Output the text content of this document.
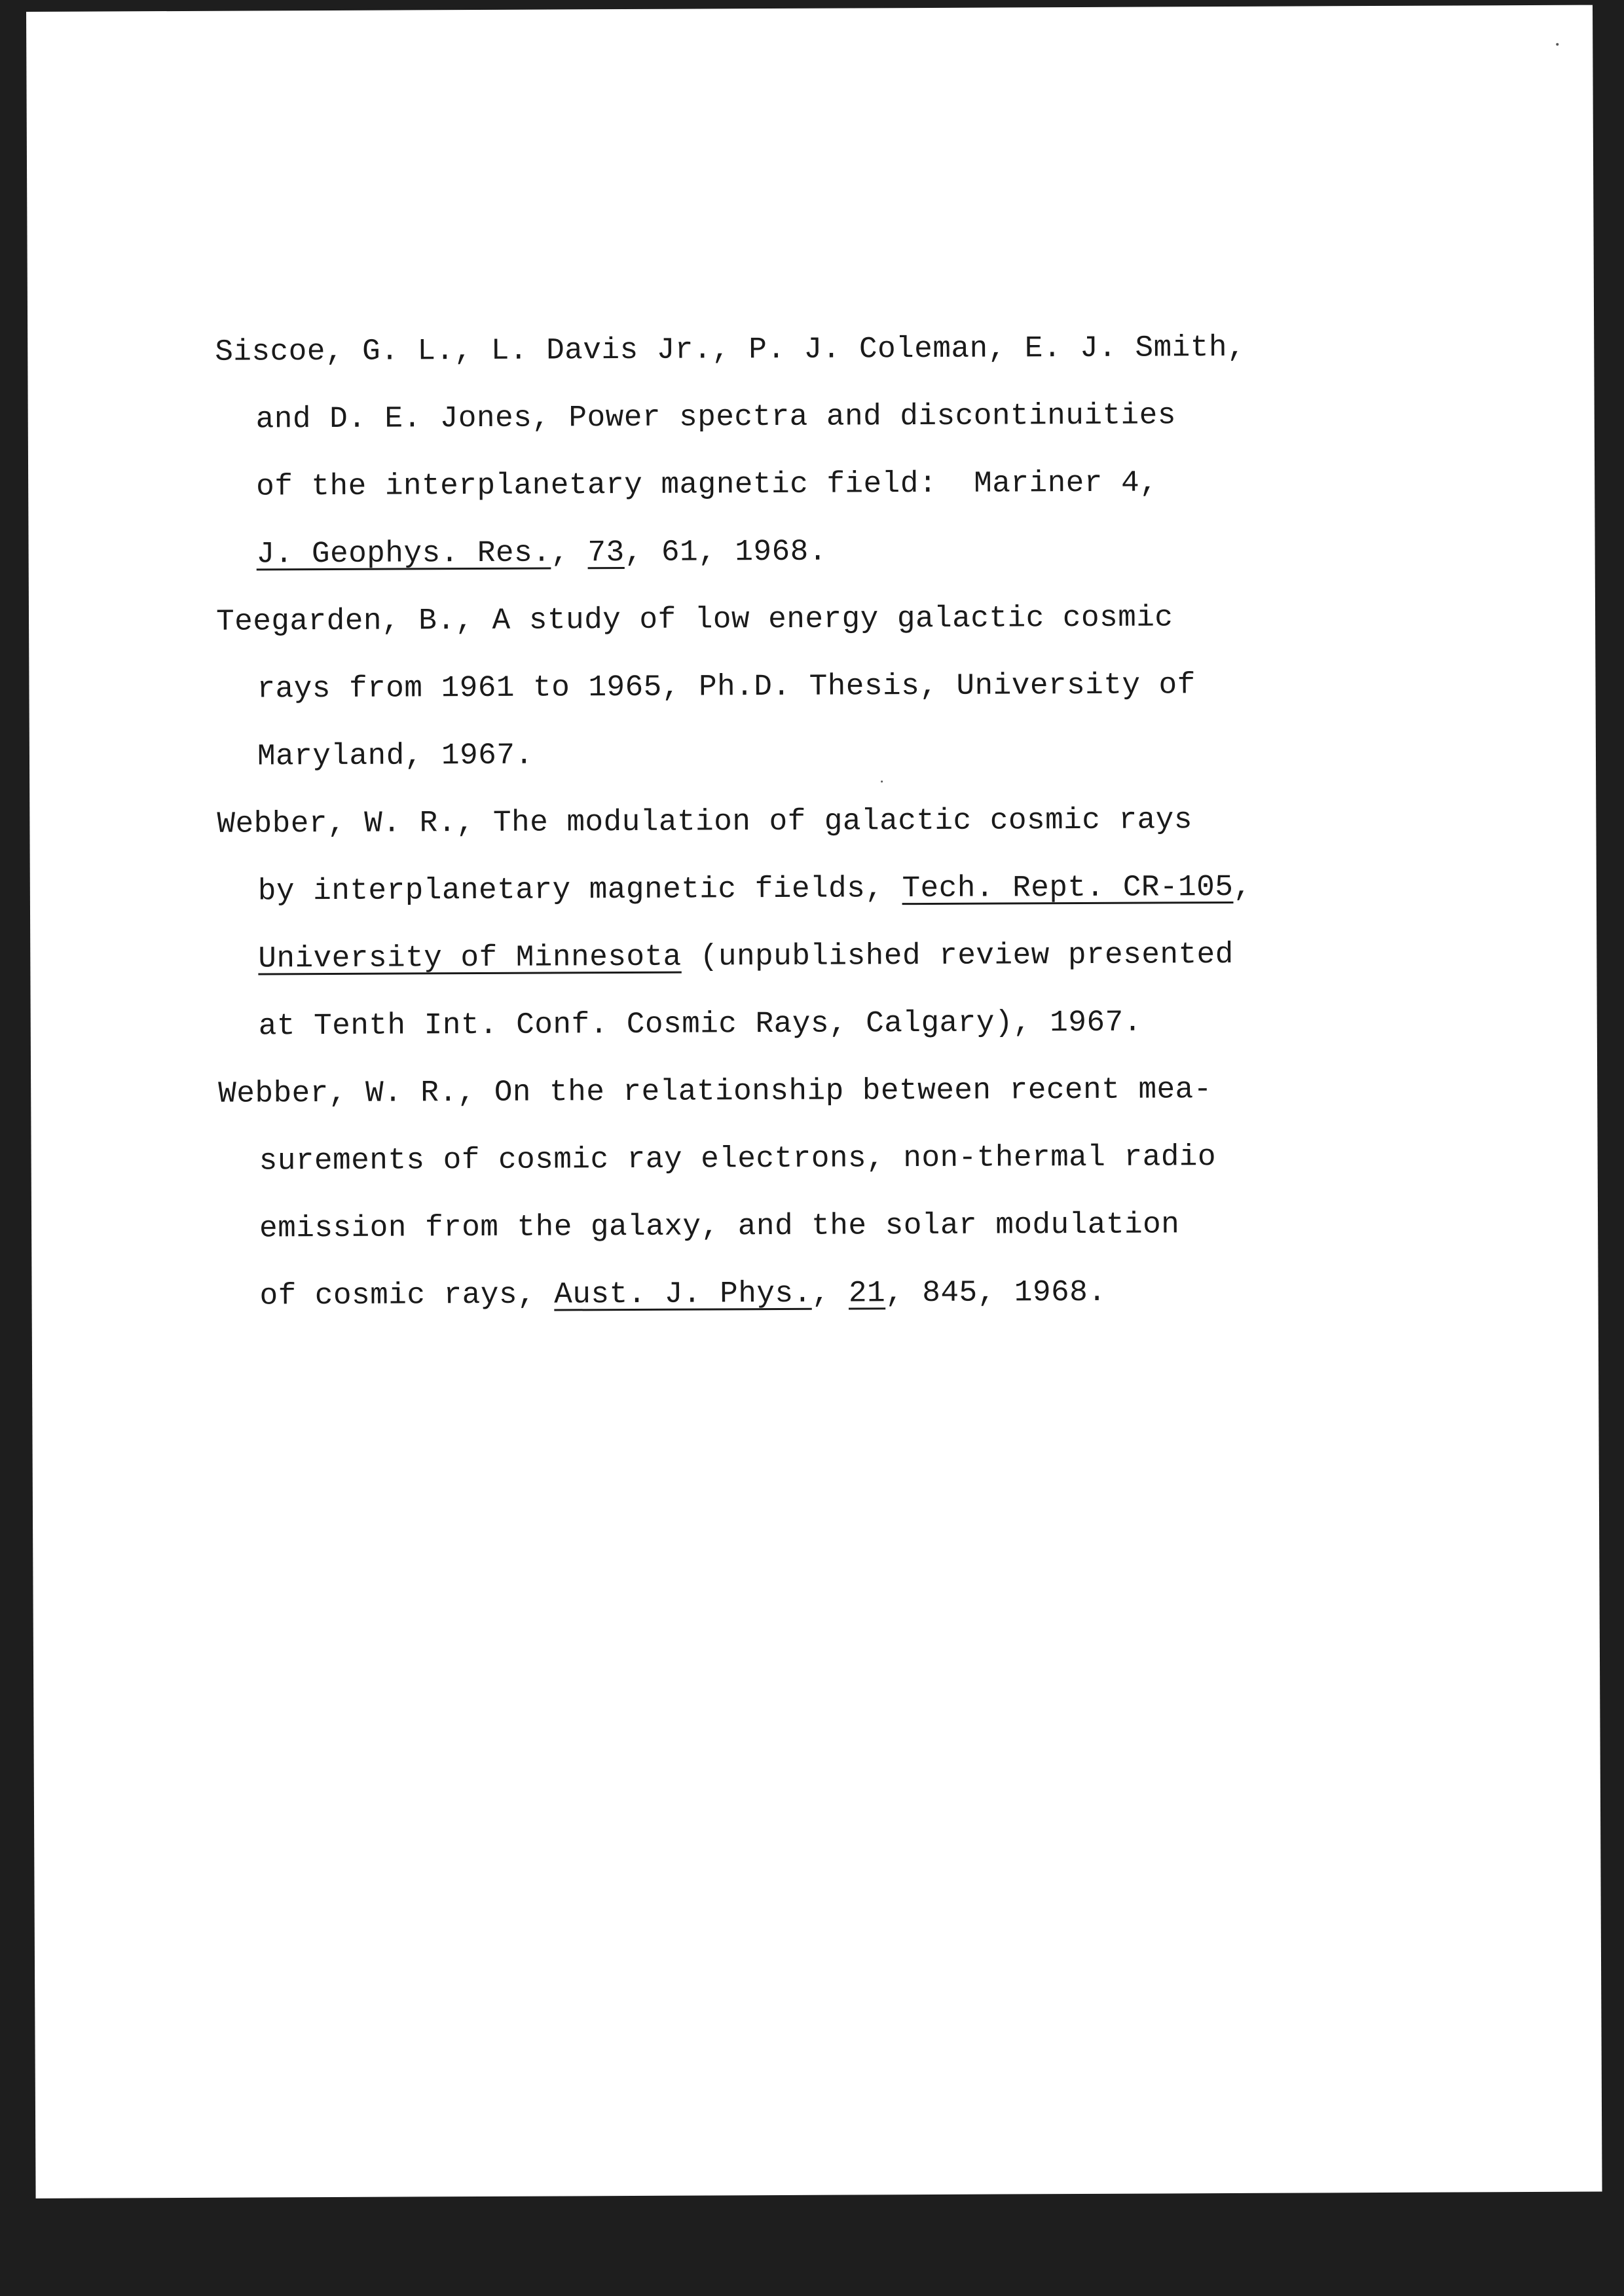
Siscoe, G. L., L. Davis Jr., P. J. Coleman, E. J. Smith,
and D. E. Jones, Power spectra and discontinuities
of the interplanetary magnetic field:  Mariner 4,
J. Geophys. Res., 73, 61, 1968.
Teegarden, B., A study of low energy galactic cosmic
rays from 1961 to 1965, Ph.D. Thesis, University of
Maryland, 1967.
Webber, W. R., The modulation of galactic cosmic rays
by interplanetary magnetic fields, Tech. Rept. CR-105,
University of Minnesota (unpublished review presented
at Tenth Int. Conf. Cosmic Rays, Calgary), 1967.
Webber, W. R., On the relationship between recent mea-
surements of cosmic ray electrons, non-thermal radio
emission from the galaxy, and the solar modulation
of cosmic rays, Aust. J. Phys., 21, 845, 1968.
